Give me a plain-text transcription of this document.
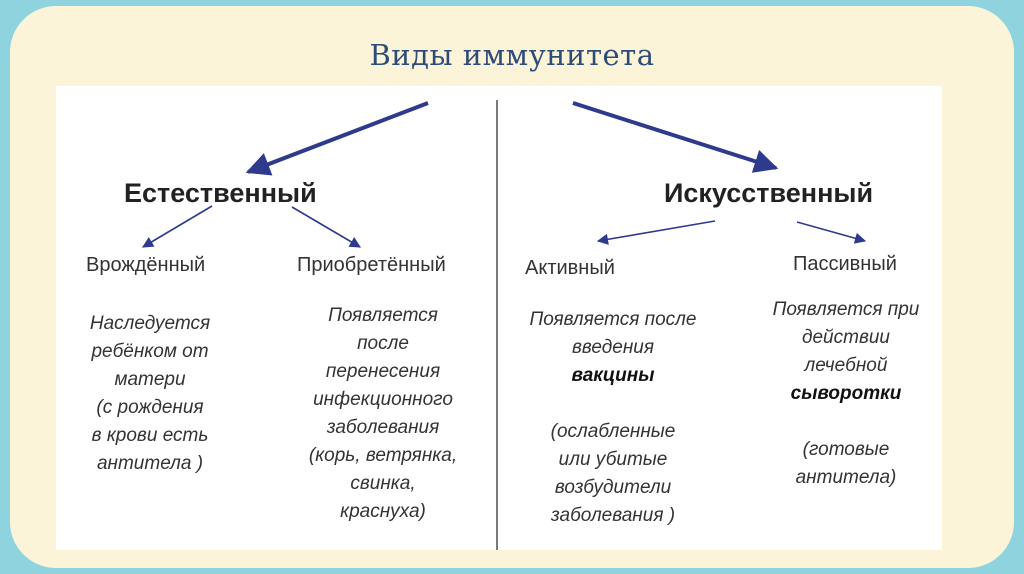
Виды иммунитета
Естественный	Искусственный
Врождённый	Приобретённый	Активный	Пассивный
Наследуется
ребёнком от
матери
(с рождения
в крови есть
антитела )
Появляется
после
перенесения
инфекционного
заболевания
(корь, ветрянка,
свинка,
краснуха)
Появляется после
введения
вакцины
(ослабленные
или убитые
возбудители
заболевания )
Появляется при
действии
лечебной
сыворотки
(готовые
антитела)
